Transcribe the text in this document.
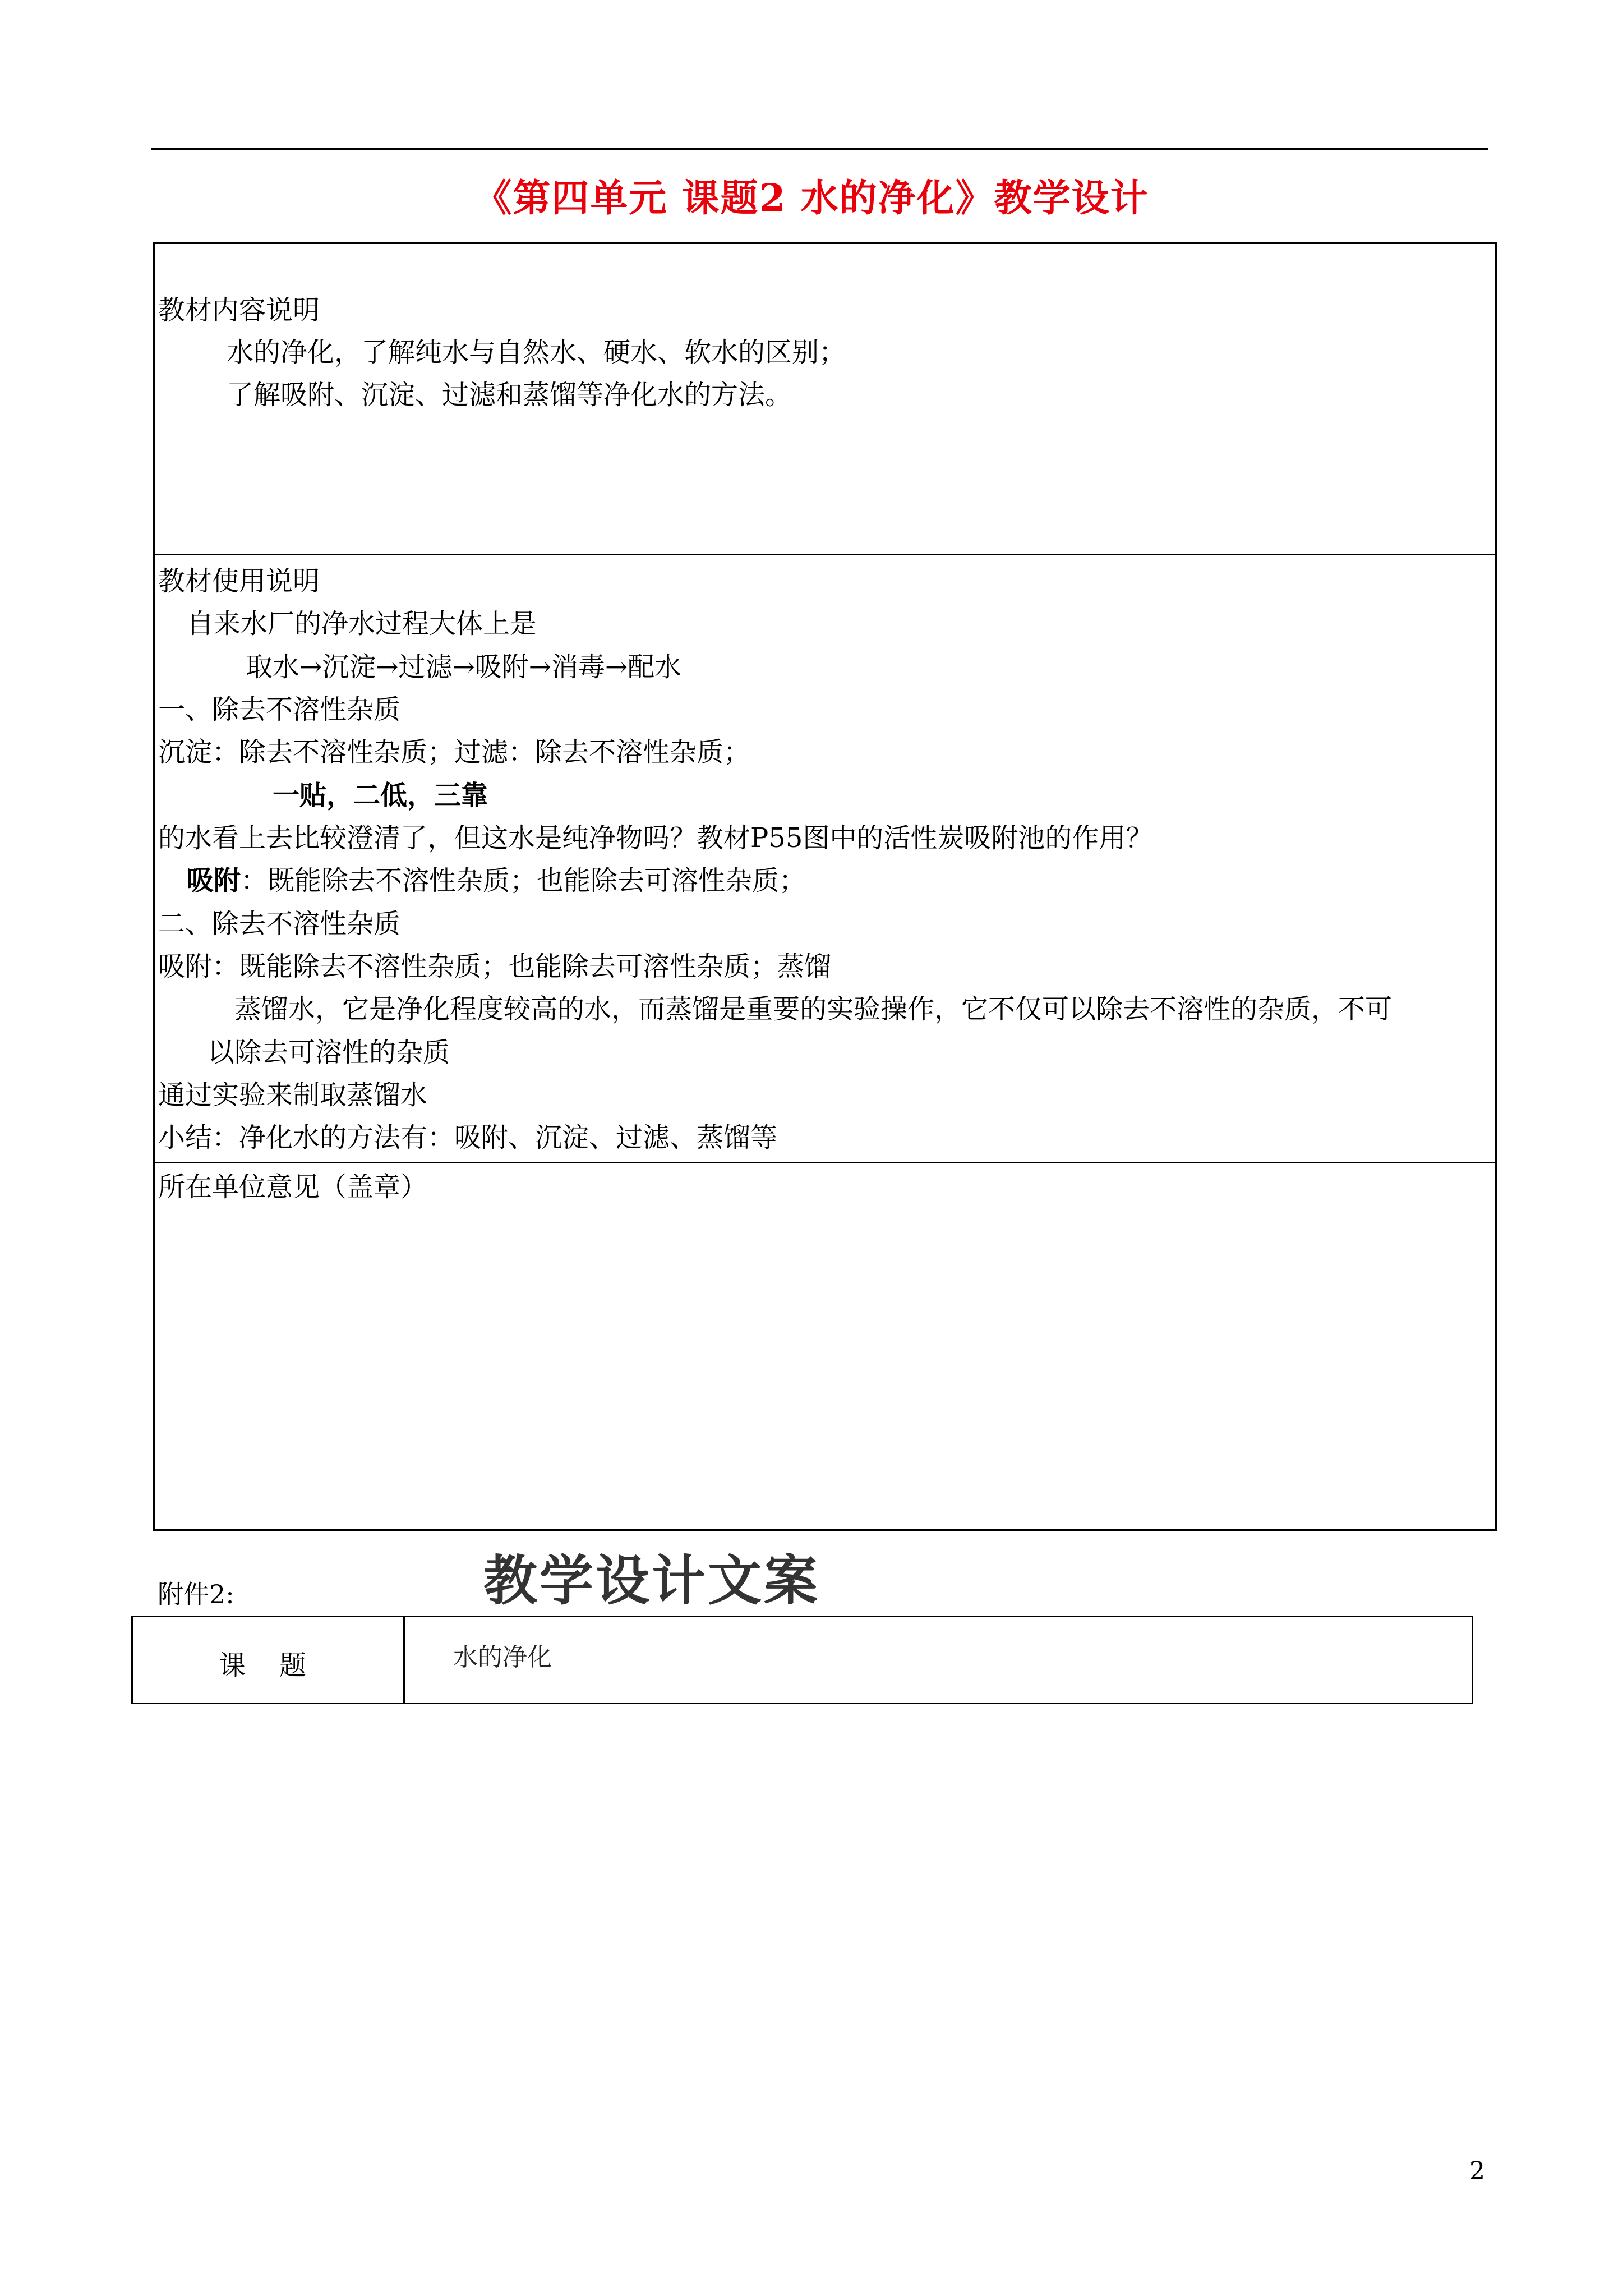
《第四单元 课题2 水的净化》教学设计
教材内容说明
水的净化，了解纯水与自然水、硬水、软水的区别；
了解吸附、沉淀、过滤和蒸馏等净化水的方法。
教材使用说明
自来水厂的净水过程大体上是
取水→沉淀→过滤→吸附→消毒→配水
一、除去不溶性杂质
沉淀：除去不溶性杂质；过滤：除去不溶性杂质；
一贴，二低，三靠
的水看上去比较澄清了，但这水是纯净物吗？教材P55图中的活性炭吸附池的作用？
吸附：既能除去不溶性杂质；也能除去可溶性杂质；
二、除去不溶性杂质
吸附：既能除去不溶性杂质；也能除去可溶性杂质；蒸馏
蒸馏水，它是净化程度较高的水，而蒸馏是重要的实验操作，它不仅可以除去不溶性的杂质，不可
以除去可溶性的杂质
通过实验来制取蒸馏水
小结：净化水的方法有：吸附、沉淀、过滤、蒸馏等
所在单位意见（盖章）
附件2:	教学设计文案
课题	水的净化
2
